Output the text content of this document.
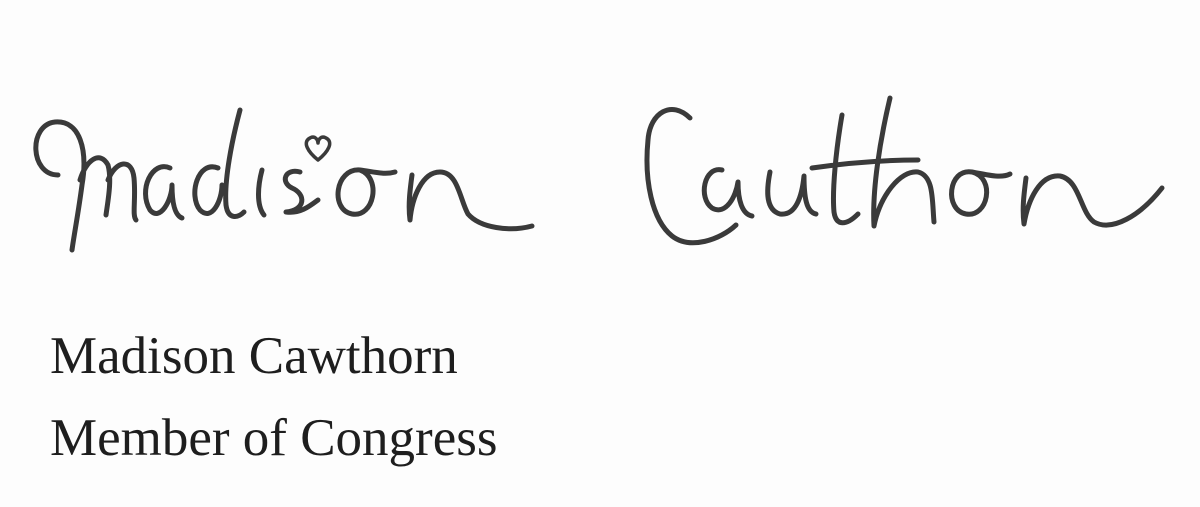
Madison Cawthorn
Member of Congress
